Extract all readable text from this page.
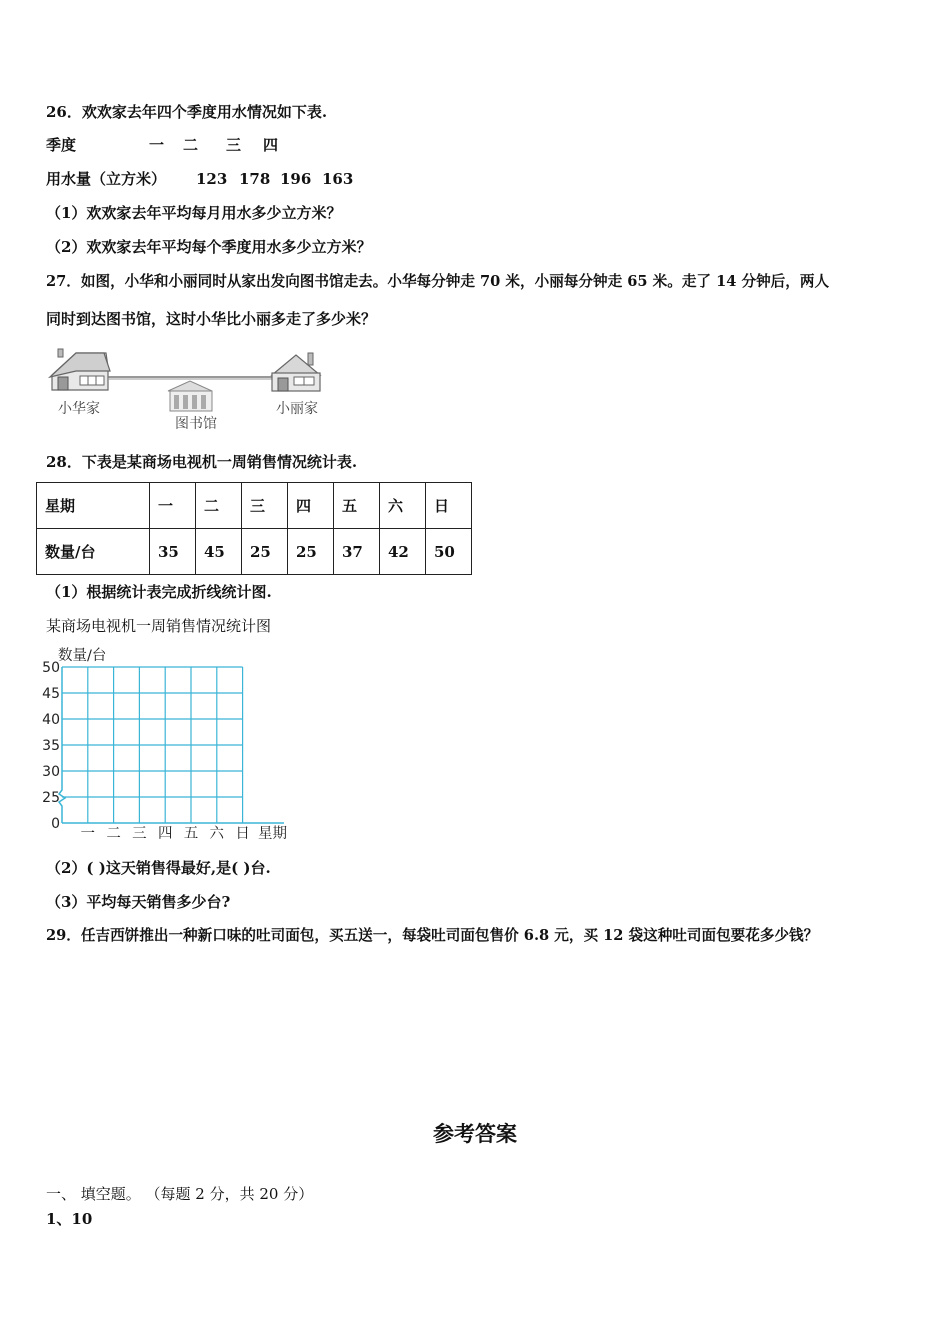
26．欢欢家去年四个季度用水情况如下表.
季度	一 二 三 四
用水量（立方米） 123 178 196 163
（1）欢欢家去年平均每月用水多少立方米？
（2）欢欢家去年平均每个季度用水多少立方米？
27．如图，小华和小丽同时从家出发向图书馆走去。小华每分钟走 70 米，小丽每分钟走 65 米。走了 14 分钟后，两人
同时到达图书馆，这时小华比小丽多走了多少米？
小华家
图书馆
小丽家
28．下表是某商场电视机一周销售情况统计表.
星期	一	二	三	四	五	六	日
数量/台	35	45	25	25	37	42	50
（1）根据统计表完成折线统计图.
某商场电视机一周销售情况统计图
数量/台
0
25
30
35
40
45
50
一 二 三 四 五 六 日 星期
（2）( )这天销售得最好,是( )台.
（3）平均每天销售多少台?
29．任吉西饼推出一种新口味的吐司面包，买五送一，每袋吐司面包售价 6.8 元，买 12 袋这种吐司面包要花多少钱？
参考答案
一、 填空题。 （每题 2 分，共 20 分）
1、10
